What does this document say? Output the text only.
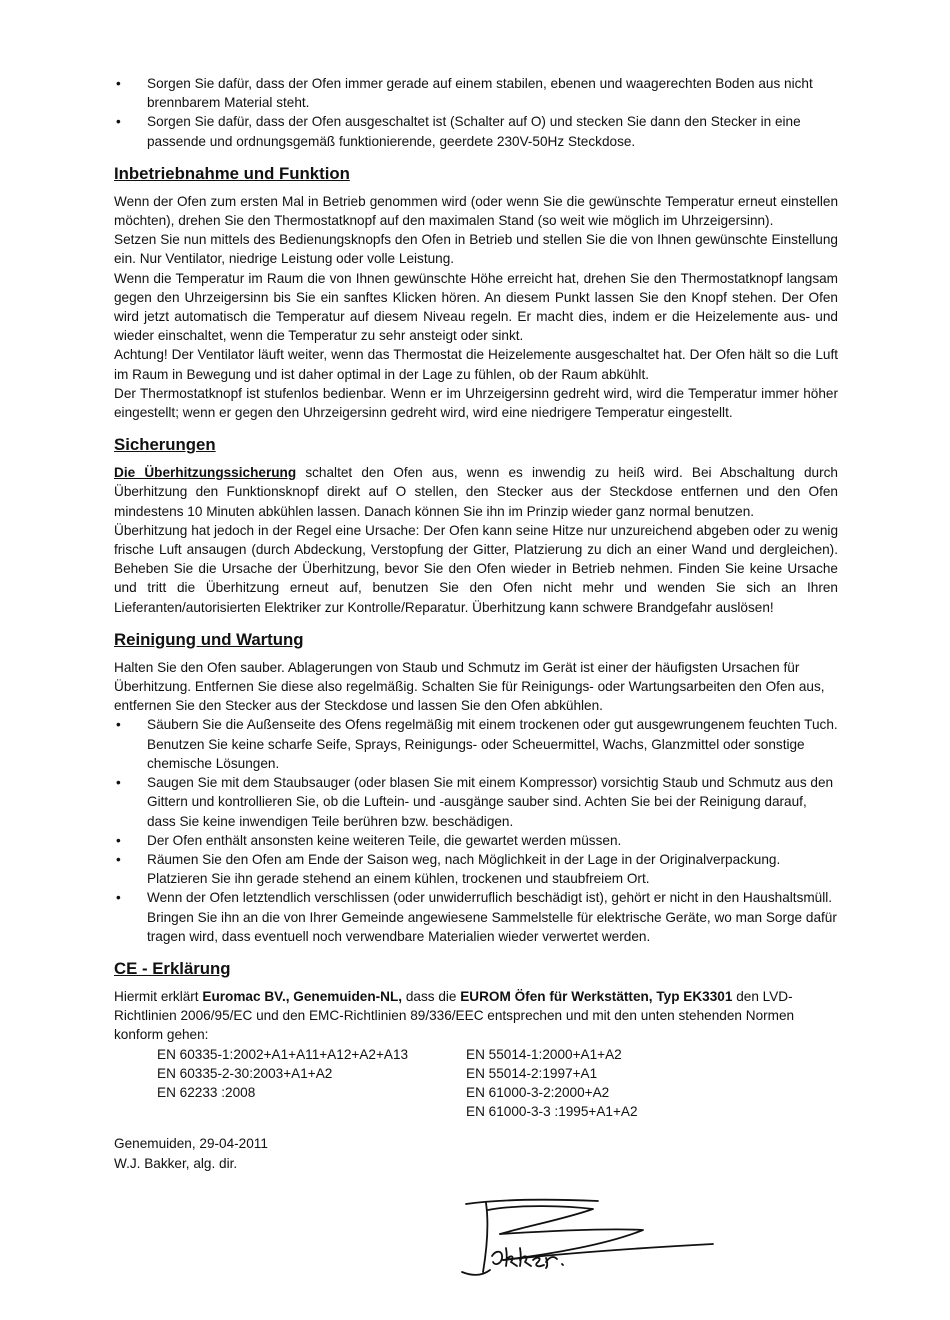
• Sorgen Sie dafür, dass der Ofen immer gerade auf einem stabilen, ebenen und waagerechten Boden aus nicht brennbarem Material steht.
• Sorgen Sie dafür, dass der Ofen ausgeschaltet ist (Schalter auf O) und stecken Sie dann den Stecker in eine passende und ordnungsgemäß funktionierende, geerdete 230V-50Hz Steckdose.
Inbetriebnahme und Funktion

Wenn der Ofen zum ersten Mal in Betrieb genommen wird (oder wenn Sie die gewünschte Temperatur erneut einstellen möchten), drehen Sie den Thermostatknopf auf den maximalen Stand (so weit wie möglich im Uhrzeigersinn).

Setzen Sie nun mittels des Bedienungsknopfs den Ofen in Betrieb und stellen Sie die von Ihnen gewünschte Einstellung ein. Nur Ventilator, niedrige Leistung oder volle Leistung.

Wenn die Temperatur im Raum die von Ihnen gewünschte Höhe erreicht hat, drehen Sie den Thermostatknopf langsam gegen den Uhrzeigersinn bis Sie ein sanftes Klicken hören. An diesem Punkt lassen Sie den Knopf stehen. Der Ofen wird jetzt automatisch die Temperatur auf diesem Niveau regeln. Er macht dies, indem er die Heizelemente aus- und wieder einschaltet, wenn die Temperatur zu sehr ansteigt oder sinkt.

Achtung! Der Ventilator läuft weiter, wenn das Thermostat die Heizelemente ausgeschaltet hat. Der Ofen hält so die Luft im Raum in Bewegung und ist daher optimal in der Lage zu fühlen, ob der Raum abkühlt.

Der Thermostatknopf ist stufenlos bedienbar. Wenn er im Uhrzeigersinn gedreht wird, wird die Temperatur immer höher eingestellt; wenn er gegen den Uhrzeigersinn gedreht wird, wird eine niedrigere Temperatur eingestellt.

Sicherungen

Die Überhitzungssicherung schaltet den Ofen aus, wenn es inwendig zu heiß wird. Bei Abschaltung durch Überhitzung den Funktionsknopf direkt auf O stellen, den Stecker aus der Steckdose entfernen und den Ofen mindestens 10 Minuten abkühlen lassen. Danach können Sie ihn im Prinzip wieder ganz normal benutzen.

Überhitzung hat jedoch in der Regel eine Ursache: Der Ofen kann seine Hitze nur unzureichend abgeben oder zu wenig frische Luft ansaugen (durch Abdeckung, Verstopfung der Gitter, Platzierung zu dich an einer Wand und dergleichen). Beheben Sie die Ursache der Überhitzung, bevor Sie den Ofen wieder in Betrieb nehmen. Finden Sie keine Ursache und tritt die Überhitzung erneut auf, benutzen Sie den Ofen nicht mehr und wenden Sie sich an Ihren Lieferanten/autorisierten Elektriker zur Kontrolle/Reparatur. Überhitzung kann schwere Brandgefahr auslösen!

Reinigung und Wartung

Halten Sie den Ofen sauber. Ablagerungen von Staub und Schmutz im Gerät ist einer der häufigsten Ursachen für Überhitzung. Entfernen Sie diese also regelmäßig. Schalten Sie für Reinigungs- oder Wartungsarbeiten den Ofen aus, entfernen Sie den Stecker aus der Steckdose und lassen Sie den Ofen abkühlen.

• Säubern Sie die Außenseite des Ofens regelmäßig mit einem trockenen oder gut ausgewrungenem feuchten Tuch. Benutzen Sie keine scharfe Seife, Sprays, Reinigungs- oder Scheuermittel, Wachs, Glanzmittel oder sonstige chemische Lösungen.
• Saugen Sie mit dem Staubsauger (oder blasen Sie mit einem Kompressor) vorsichtig Staub und Schmutz aus den Gittern und kontrollieren Sie, ob die Luftein- und -ausgänge sauber sind. Achten Sie bei der Reinigung darauf, dass Sie keine inwendigen Teile berühren bzw. beschädigen.
• Der Ofen enthält ansonsten keine weiteren Teile, die gewartet werden müssen.
• Räumen Sie den Ofen am Ende der Saison weg, nach Möglichkeit in der Lage in der Originalverpackung. Platzieren Sie ihn gerade stehend an einem kühlen, trockenen und staubfreiem Ort.
• Wenn der Ofen letztendlich verschlissen (oder unwiderruflich beschädigt ist), gehört er nicht in den Haushaltsmüll. Bringen Sie ihn an die von Ihrer Gemeinde angewiesene Sammelstelle für elektrische Geräte, wo man Sorge dafür tragen wird, dass eventuell noch verwendbare Materialien wieder verwertet werden.
CE - Erklärung

Hiermit erklärt Euromac BV., Genemuiden-NL, dass die EUROM Öfen für Werkstätten, Typ EK3301 den LVD-Richtlinien 2006/95/EC und den EMC-Richtlinien 89/336/EEC entsprechen und mit den unten stehenden Normen konform gehen:

EN 60335-1:2002+A1+A11+A12+A2+A13
EN 60335-2-30:2003+A1+A2
EN 62233 :2008
EN 55014-1:2000+A1+A2
EN 55014-2:1997+A1
EN 61000-3-2:2000+A2
EN 61000-3-3 :1995+A1+A2
Genemuiden, 29-04-2011
W.J. Bakker, alg. dir.
